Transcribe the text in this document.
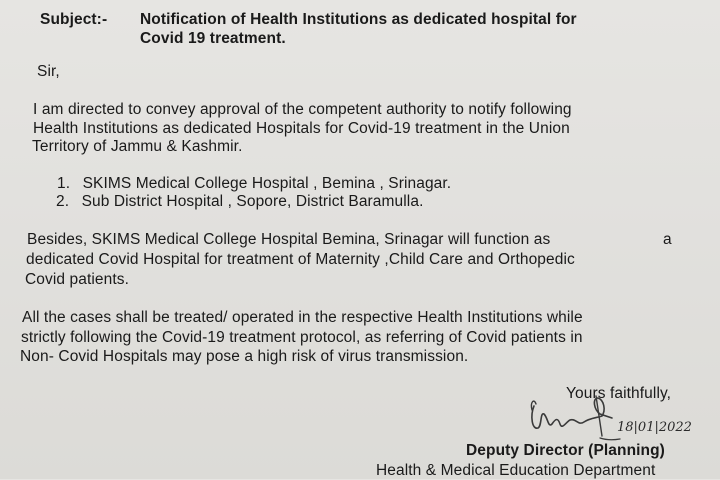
Subject:- Notification of Health Institutions as dedicated hospital for
Covid 19 treatment.
Sir,
I am directed to convey approval of the competent authority to notify following
Health Institutions as dedicated Hospitals for Covid-19 treatment in the Union
Territory of Jammu & Kashmir.
1. SKIMS Medical College Hospital , Bemina , Srinagar.
2. Sub District Hospital , Sopore, District Baramulla.
Besides, SKIMS Medical College Hospital Bemina, Srinagar will function as	a
dedicated Covid Hospital for treatment of Maternity ,Child Care and Orthopedic
Covid patients.
All the cases shall be treated/ operated in the respective Health Institutions while
strictly following the Covid-19 treatment protocol, as referring of Covid patients in
Non- Covid Hospitals may pose a high risk of virus transmission.
Yours faithfully,
18|01|2022
Deputy Director (Planning)
Health & Medical Education Department
